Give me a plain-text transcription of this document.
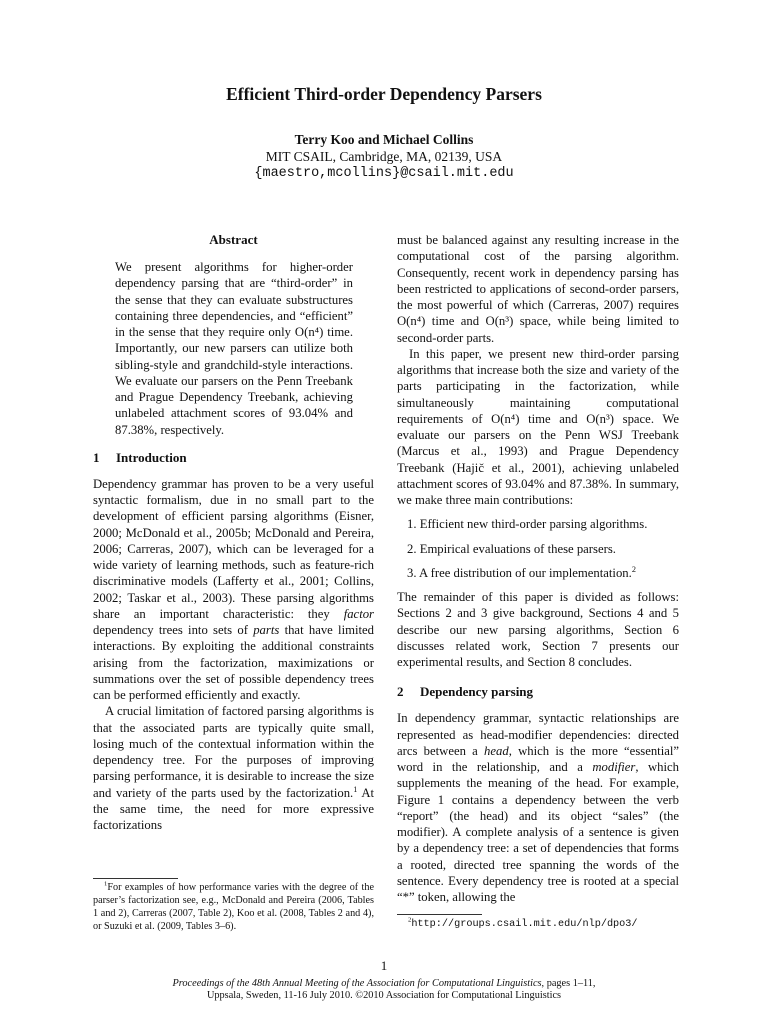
Efficient Third-order Dependency Parsers
Terry Koo and Michael Collins
MIT CSAIL, Cambridge, MA, 02139, USA
{maestro,mcollins}@csail.mit.edu
Abstract

We present algorithms for higher-order dependency parsing that are “third-order” in the sense that they can evaluate substructures containing three dependencies, and “efficient” in the sense that they require only O(n⁴) time. Importantly, our new parsers can utilize both sibling-style and grandchild-style interactions. We evaluate our parsers on the Penn Treebank and Prague Dependency Treebank, achieving unlabeled attachment scores of 93.04% and 87.38%, respectively.

1 Introduction

Dependency grammar has proven to be a very useful syntactic formalism, due in no small part to the development of efficient parsing algorithms (Eisner, 2000; McDonald et al., 2005b; McDonald and Pereira, 2006; Carreras, 2007), which can be leveraged for a wide variety of learning methods, such as feature-rich discriminative models (Lafferty et al., 2001; Collins, 2002; Taskar et al., 2003). These parsing algorithms share an important characteristic: they factor dependency trees into sets of parts that have limited interactions. By exploiting the additional constraints arising from the factorization, maximizations or summations over the set of possible dependency trees can be performed efficiently and exactly.

A crucial limitation of factored parsing algorithms is that the associated parts are typically quite small, losing much of the contextual information within the dependency tree. For the purposes of improving parsing performance, it is desirable to increase the size and variety of the parts used by the factorization.$^1$ At the same time, the need for more expressive factorizations

$^1$For examples of how performance varies with the degree of the parser’s factorization see, e.g., McDonald and Pereira (2006, Tables 1 and 2), Carreras (2007, Table 2), Koo et al. (2008, Tables 2 and 4), or Suzuki et al. (2009, Tables 3–6).

must be balanced against any resulting increase in the computational cost of the parsing algorithm. Consequently, recent work in dependency parsing has been restricted to applications of second-order parsers, the most powerful of which (Carreras, 2007) requires O(n⁴) time and O(n³) space, while being limited to second-order parts.

In this paper, we present new third-order parsing algorithms that increase both the size and variety of the parts participating in the factorization, while simultaneously maintaining computational requirements of O(n⁴) time and O(n³) space. We evaluate our parsers on the Penn WSJ Treebank (Marcus et al., 1993) and Prague Dependency Treebank (Hajič et al., 2001), achieving unlabeled attachment scores of 93.04% and 87.38%. In summary, we make three main contributions:

1. Efficient new third-order parsing algorithms.
2. Empirical evaluations of these parsers.
3. A free distribution of our implementation.$^2$

The remainder of this paper is divided as follows: Sections 2 and 3 give background, Sections 4 and 5 describe our new parsing algorithms, Section 6 discusses related work, Section 7 presents our experimental results, and Section 8 concludes.

2 Dependency parsing

In dependency grammar, syntactic relationships are represented as head-modifier dependencies: directed arcs between a head, which is the more “essential” word in the relationship, and a modifier, which supplements the meaning of the head. For example, Figure 1 contains a dependency between the verb “report” (the head) and its object “sales” (the modifier). A complete analysis of a sentence is given by a dependency tree: a set of dependencies that forms a rooted, directed tree spanning the words of the sentence. Every dependency tree is rooted at a special “*” token, allowing the

$^2$http://groups.csail.mit.edu/nlp/dpo3/
1
Proceedings of the 48th Annual Meeting of the Association for Computational Linguistics, pages 1–11,
Uppsala, Sweden, 11-16 July 2010. ©2010 Association for Computational Linguistics
